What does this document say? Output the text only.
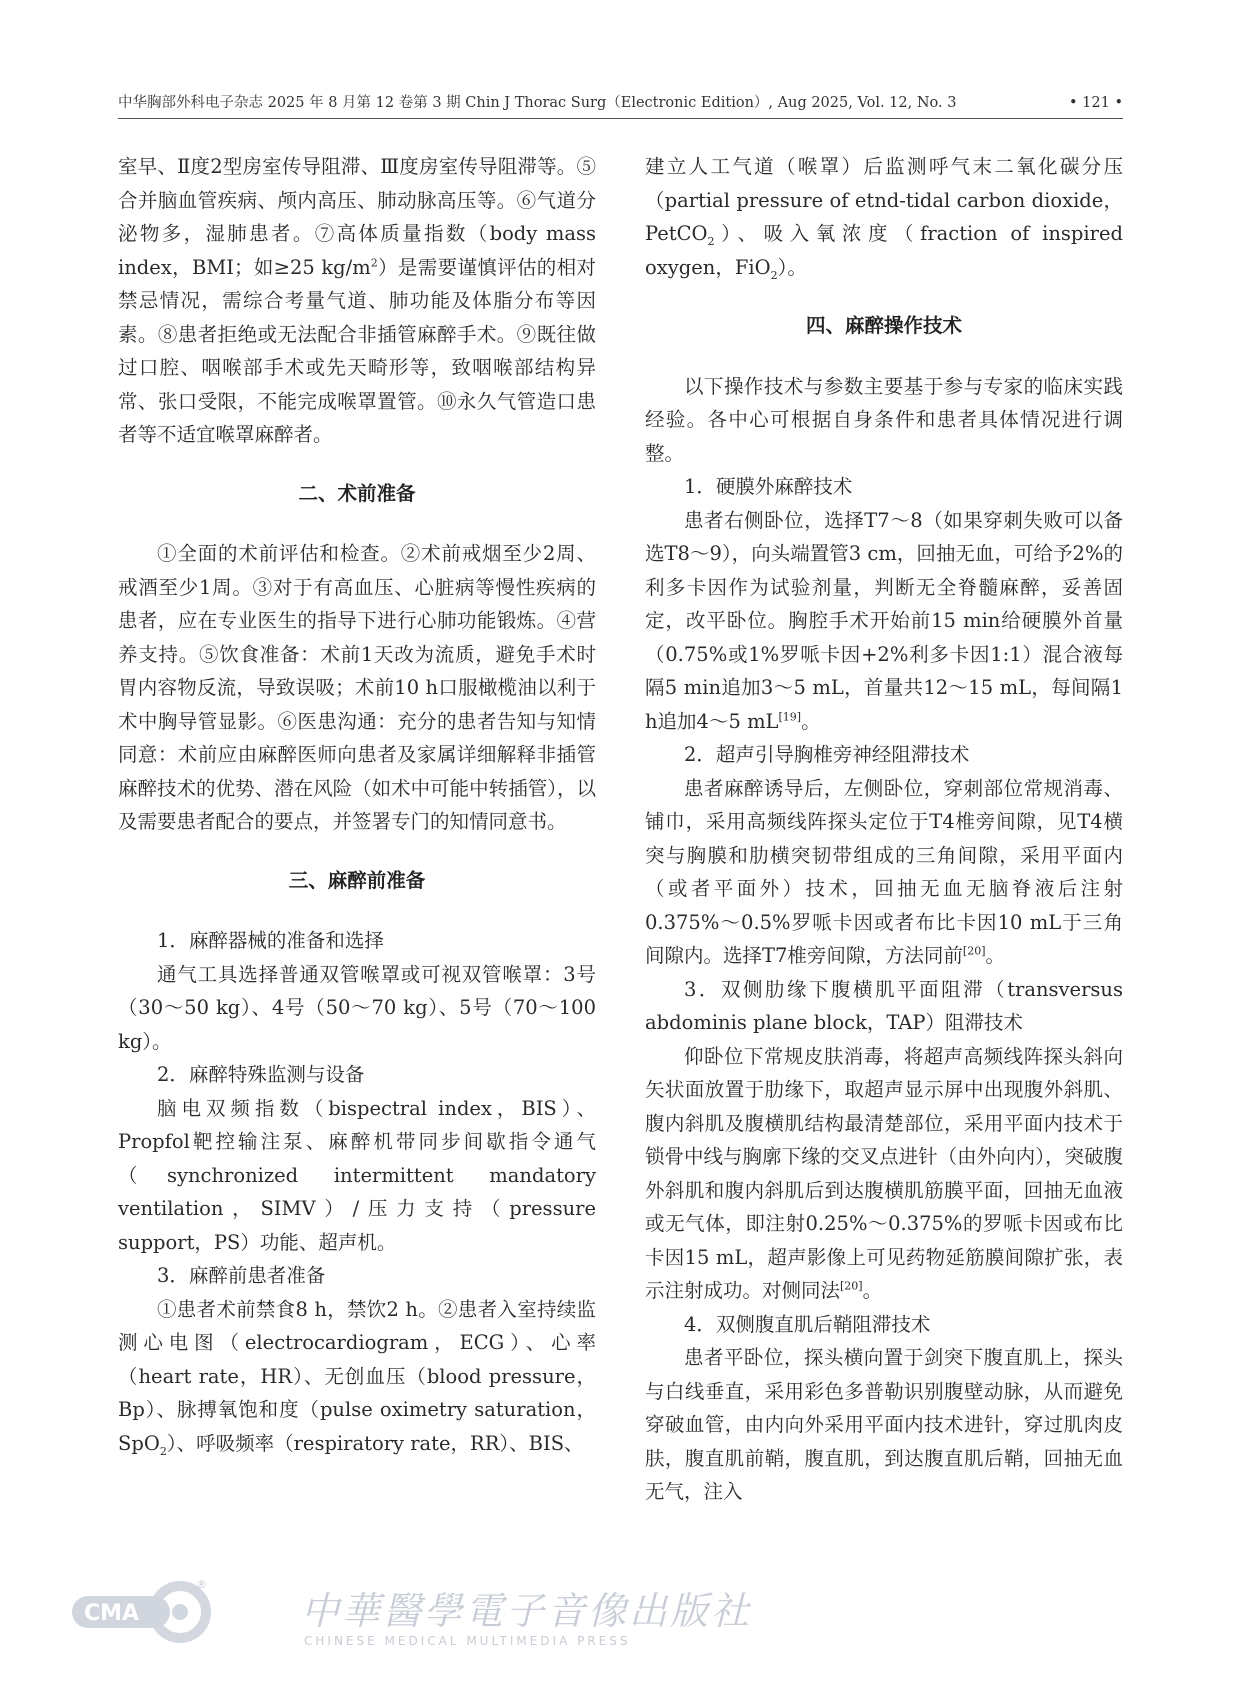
中华胸部外科电子杂志 2025 年 8 月第 12 卷第 3 期 Chin J Thorac Surg（Electronic Edition）, Aug 2025, Vol. 12, No. 3	• 121 •

室早、Ⅱ度2型房室传导阻滞、Ⅲ度房室传导阻滞等。⑤合并脑血管疾病、颅内高压、肺动脉高压等。⑥气道分泌物多，湿肺患者。⑦高体质量指数（body mass index，BMI；如≥25 $kg/m^2$）是需要谨慎评估的相对禁忌情况，需综合考量气道、肺功能及体脂分布等因素。⑧患者拒绝或无法配合非插管麻醉手术。⑨既往做过口腔、咽喉部手术或先天畸形等，致咽喉部结构异常、张口受限，不能完成喉罩置管。⑩永久气管造口患者等不适宜喉罩麻醉者。

二、术前准备

①全面的术前评估和检查。②术前戒烟至少2周、戒酒至少1周。③对于有高血压、心脏病等慢性疾病的患者，应在专业医生的指导下进行心肺功能锻炼。④营养支持。⑤饮食准备：术前1天改为流质，避免手术时胃内容物反流，导致误吸；术前10 h口服橄榄油以利于术中胸导管显影。⑥医患沟通：充分的患者告知与知情同意：术前应由麻醉医师向患者及家属详细解释非插管麻醉技术的优势、潜在风险（如术中可能中转插管），以及需要患者配合的要点，并签署专门的知情同意书。

三、麻醉前准备

1．麻醉器械的准备和选择

通气工具选择普通双管喉罩或可视双管喉罩：3号（30～50 kg）、4号（50～70 kg）、5号（70～100 kg）。

2．麻醉特殊监测与设备

脑电双频指数（bispectral index，BIS）、Propfol靶控输注泵、麻醉机带同步间歇指令通气（synchronized intermittent mandatory ventilation，SIMV）/压力支持（pressure support，PS）功能、超声机。

3．麻醉前患者准备

①患者术前禁食8 h，禁饮2 h。②患者入室持续监测心电图（electrocardiogram，ECG）、心率（heart rate，HR）、无创血压（blood pressure，Bp）、脉搏氧饱和度（pulse oximetry saturation，SpO$_2$）、呼吸频率（respiratory rate，RR）、BIS、

建立人工气道（喉罩）后监测呼气末二氧化碳分压（partial pressure of etnd-tidal carbon dioxide，PetCO$_2$）、吸入氧浓度（fraction of inspired oxygen，FiO$_2$）。

四、麻醉操作技术

以下操作技术与参数主要基于参与专家的临床实践经验。各中心可根据自身条件和患者具体情况进行调整。

1．硬膜外麻醉技术

患者右侧卧位，选择T7～8（如果穿刺失败可以备选T8～9），向头端置管3 cm，回抽无血，可给予2%的利多卡因作为试验剂量，判断无全脊髓麻醉，妥善固定，改平卧位。胸腔手术开始前15 min给硬膜外首量（0.75%或1%罗哌卡因+2%利多卡因1:1）混合液每隔5 min追加3～5 mL，首量共12～15 mL，每间隔1 h追加4～5 mL[19]。

2．超声引导胸椎旁神经阻滞技术

患者麻醉诱导后，左侧卧位，穿刺部位常规消毒、铺巾，采用高频线阵探头定位于T4椎旁间隙，见T4横突与胸膜和肋横突韧带组成的三角间隙，采用平面内（或者平面外）技术，回抽无血无脑脊液后注射0.375%～0.5%罗哌卡因或者布比卡因10 mL于三角间隙内。选择T7椎旁间隙，方法同前[20]。

3．双侧肋缘下腹横肌平面阻滞（transversus abdominis plane block，TAP）阻滞技术

仰卧位下常规皮肤消毒，将超声高频线阵探头斜向矢状面放置于肋缘下，取超声显示屏中出现腹外斜肌、腹内斜肌及腹横肌结构最清楚部位，采用平面内技术于锁骨中线与胸廓下缘的交叉点进针（由外向内），突破腹外斜肌和腹内斜肌后到达腹横肌筋膜平面，回抽无血液或无气体，即注射0.25%～0.375%的罗哌卡因或布比卡因15 mL，超声影像上可见药物延筋膜间隙扩张，表示注射成功。对侧同法[20]。

4．双侧腹直肌后鞘阻滞技术

患者平卧位，探头横向置于剑突下腹直肌上，探头与白线垂直，采用彩色多普勒识别腹壁动脉，从而避免穿破血管，由内向外采用平面内技术进针，穿过肌肉皮肤，腹直肌前鞘，腹直肌，到达腹直肌后鞘，回抽无血无气，注入

CMA
®
中華醫學電子音像出版社
CHINESE MEDICAL MULTIMEDIA PRESS
